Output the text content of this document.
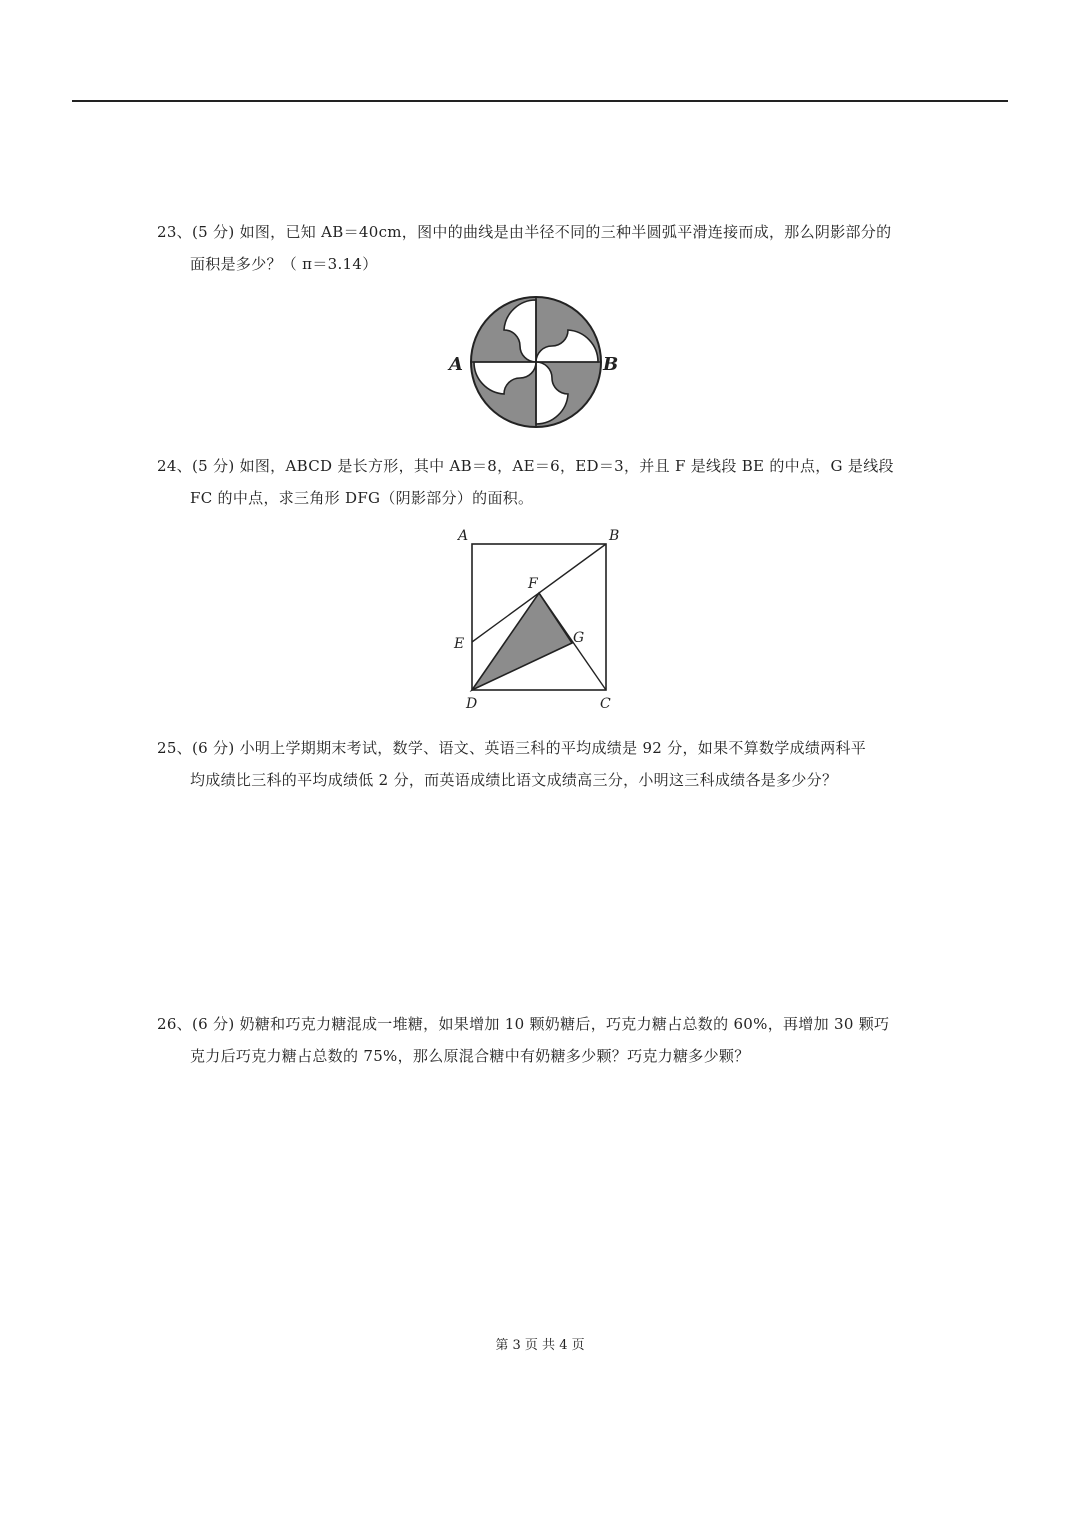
23、(5 分) 如图，已知 AB＝40cm，图中的曲线是由半径不同的三种半圆弧平滑连接而成，那么阴影部分的
面积是多少？（ π＝3.14）
A	B
24、(5 分) 如图，ABCD 是长方形，其中 AB＝8，AE＝6，ED＝3，并且 F 是线段 BE 的中点，G 是线段
FC 的中点，求三角形 DFG（阴影部分）的面积。
A	B
C
D
E
F
G
25、(6 分) 小明上学期期末考试，数学、语文、英语三科的平均成绩是 92 分，如果不算数学成绩两科平
均成绩比三科的平均成绩低 2 分，而英语成绩比语文成绩高三分，小明这三科成绩各是多少分？
26、(6 分) 奶糖和巧克力糖混成一堆糖，如果增加 10 颗奶糖后，巧克力糖占总数的 60%，再增加 30 颗巧
克力后巧克力糖占总数的 75%，那么原混合糖中有奶糖多少颗？巧克力糖多少颗？
第 3 页 共 4 页
